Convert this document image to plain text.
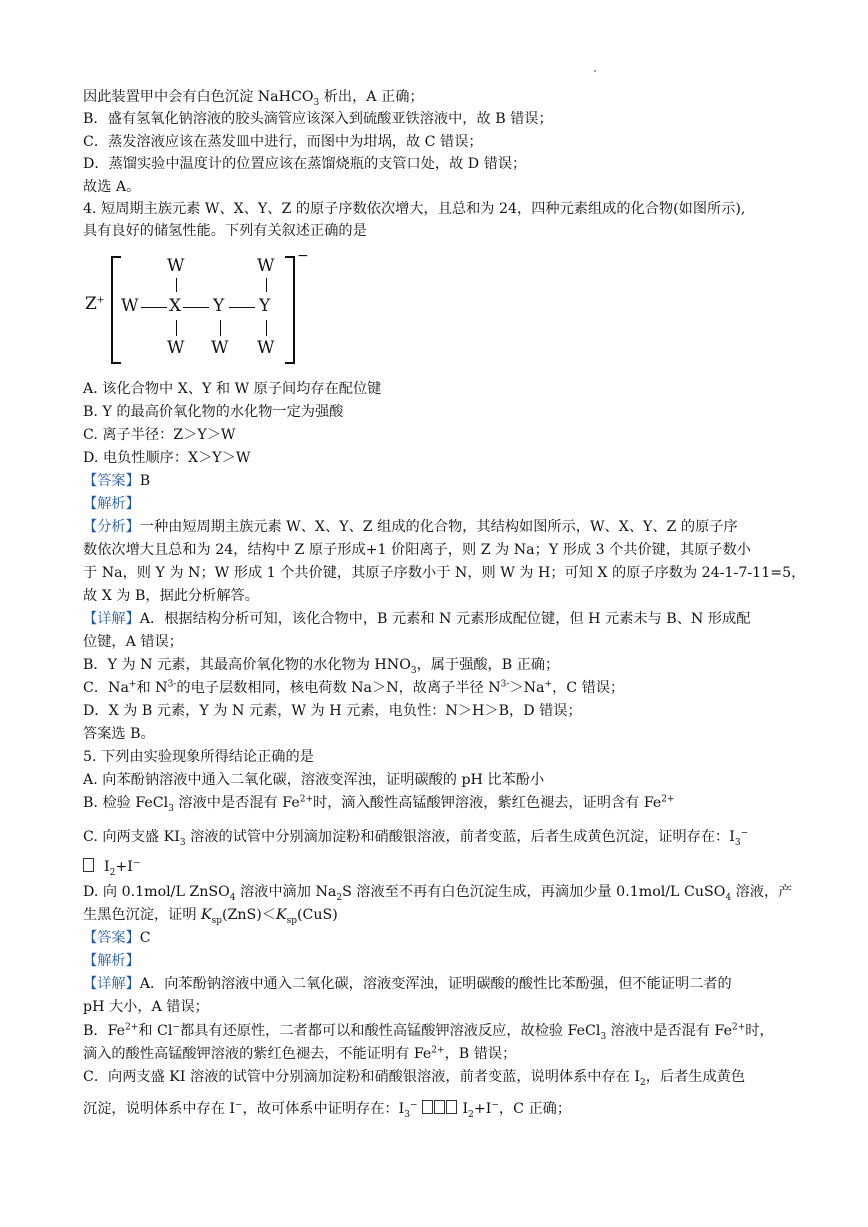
因此装置甲中会有白色沉淀 NaHCO$_3$ 析出，A 正确；
B．盛有氢氧化钠溶液的胶头滴管应该深入到硫酸亚铁溶液中，故 B 错误；
C．蒸发溶液应该在蒸发皿中进行，而图中为坩埚，故 C 错误；
D．蒸馏实验中温度计的位置应该在蒸馏烧瓶的支管口处，故 D 错误；
故选 A。
4. 短周期主族元素 W、X、Y、Z 的原子序数依次增大，且总和为 24，四种元素组成的化合物(如图所示),
具有良好的储氢性能。下列有关叙述正确的是
Z+
−
W	W
W X Y Y
W W W
A. 该化合物中 X、Y 和 W 原子间均存在配位键
B. Y 的最高价氧化物的水化物一定为强酸
C. 离子半径：Z＞Y＞W
D. 电负性顺序：X＞Y＞W
【答案】B
【解析】
【分析】一种由短周期主族元素 W、X、Y、Z 组成的化合物，其结构如图所示，W、X、Y、Z 的原子序
数依次增大且总和为 24，结构中 Z 原子形成+1 价阳离子，则 Z 为 Na；Y 形成 3 个共价键，其原子数小
于 Na，则 Y 为 N；W 形成 1 个共价键，其原子序数小于 N，则 W 为 H；可知 X 的原子序数为 24-1-7-11=5，
故 X 为 B，据此分析解答。
【详解】A．根据结构分析可知，该化合物中，B 元素和 N 元素形成配位键，但 H 元素未与 B、N 形成配
位键，A 错误；
B．Y 为 N 元素，其最高价氧化物的水化物为 $HNO_3$，属于强酸，B 正确；
C．Na+和 $N^{3-}$的电子层数相同，核电荷数 Na＞N，故离子半径 $N^{3-}>Na^+$，C 错误；
D．X 为 B 元素，Y 为 N 元素，W 为 H 元素，电负性：N＞H＞B，D 错误；
答案选 B。
5. 下列由实验现象所得结论正确的是
A. 向苯酚钠溶液中通入二氧化碳，溶液变浑浊，证明碳酸的 pH 比苯酚小
B. 检验 FeCl$_3$ 溶液中是否混有 $Fe^{2+}$时，滴入酸性高锰酸钾溶液，紫红色褪去，证明含有 $Fe^{2+}$
C. 向两支盛 $KI_3$ 溶液的试管中分别滴加淀粉和硝酸银溶液，前者变蓝，后者生成黄色沉淀，证明存在：$I_3^-$
$I_2+I^-$
D. 向 0.1mol/L ZnSO$_4$ 溶液中滴加 $Na_2S$ 溶液至不再有白色沉淀生成，再滴加少量 0.1mol/L CuSO$_4$ 溶液，产
生黑色沉淀，证明 $K_{sp}(ZnS)<K_{sp}(CuS)$
【答案】C
【解析】
【详解】A．向苯酚钠溶液中通入二氧化碳，溶液变浑浊，证明碳酸的酸性比苯酚强，但不能证明二者的
pH 大小，A 错误；
B．$Fe^{2+}$和 Cl−都具有还原性，二者都可以和酸性高锰酸钾溶液反应，故检验 FeCl$_3$ 溶液中是否混有 $Fe^{2+}$时，
滴入的酸性高锰酸钾溶液的紫红色褪去，不能证明有 $Fe^{2+}$，B 错误；
C．向两支盛 KI 溶液的试管中分别滴加淀粉和硝酸银溶液，前者变蓝，说明体系中存在 $I_2$，后者生成黄色
沉淀，说明体系中存在 I−，故可体系中证明存在：$I_3^-$	$I_2+I^-$，C 正确；
